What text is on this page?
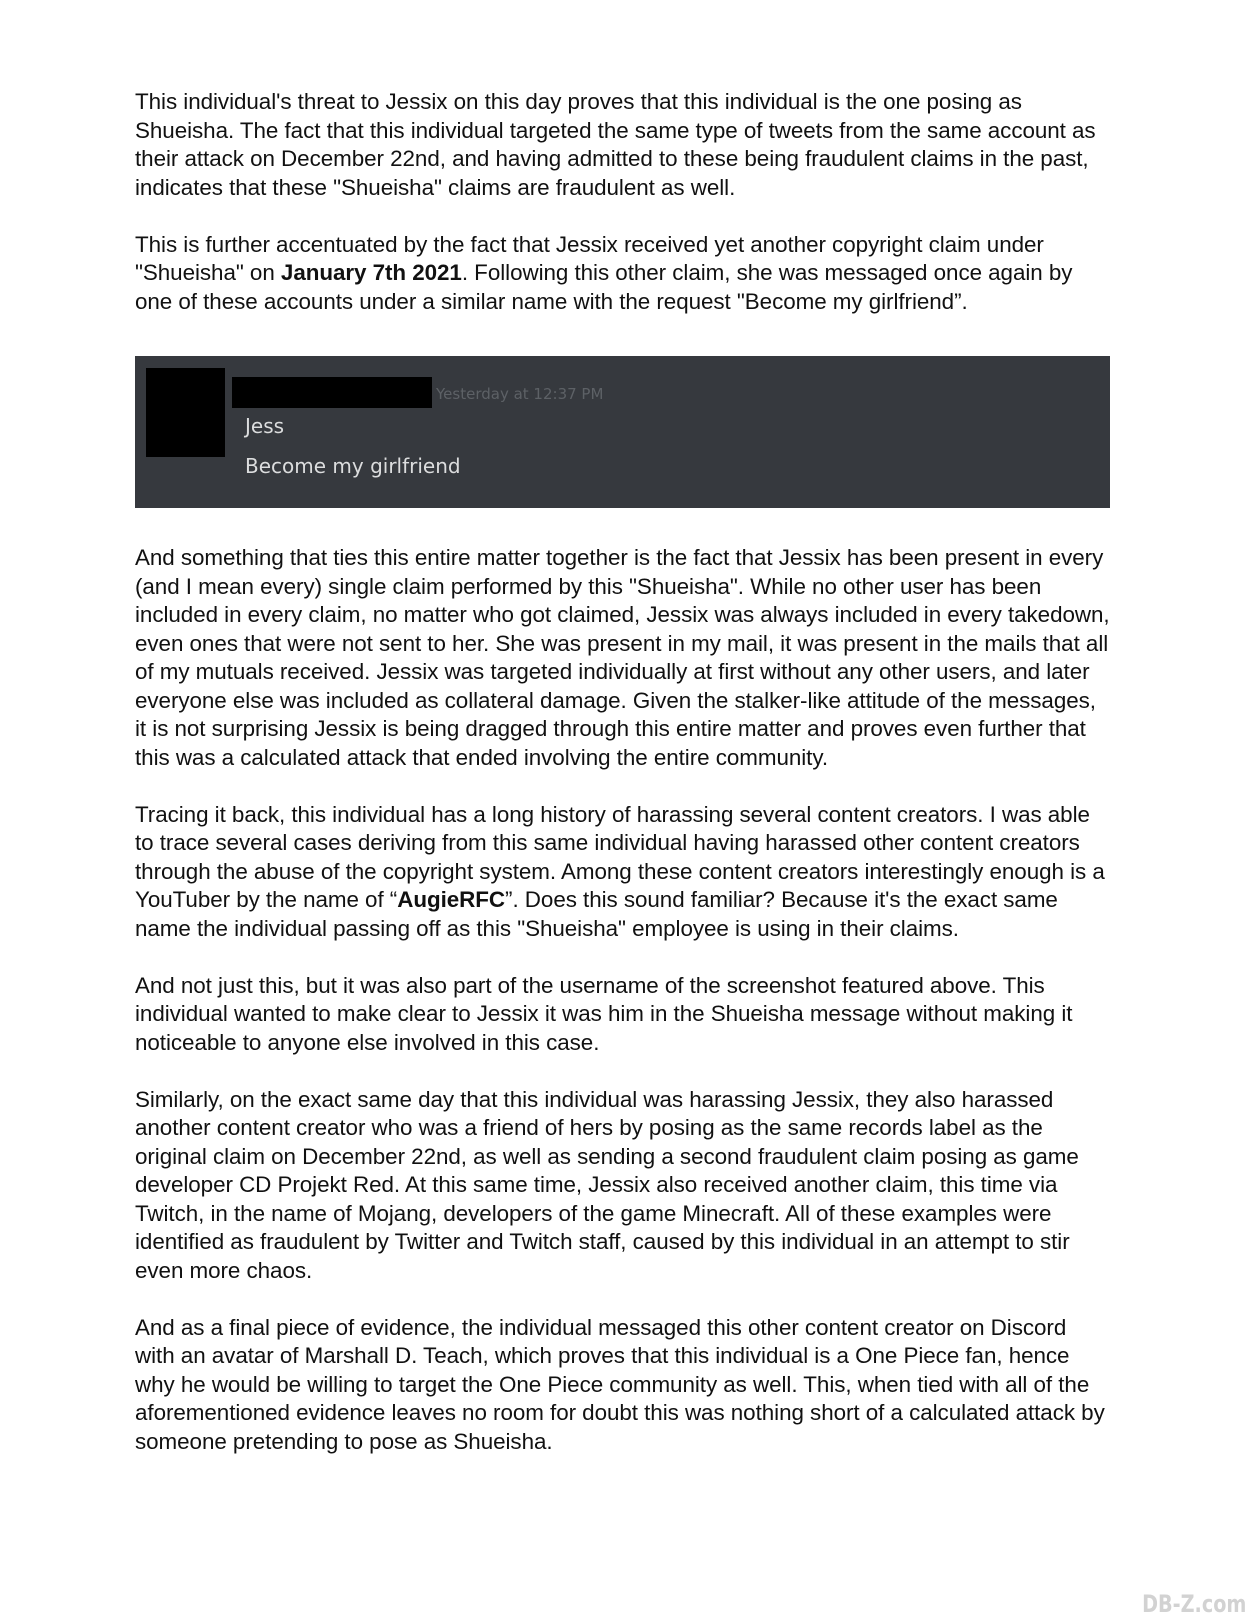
This individual's threat to Jessix on this day proves that this individual is the one posing as Shueisha. The fact that this individual targeted the same type of tweets from the same account as their attack on December 22nd, and having admitted to these being fraudulent claims in the past, indicates that these "Shueisha" claims are fraudulent as well.

This is further accentuated by the fact that Jessix received yet another copyright claim under "Shueisha" on January 7th 2021. Following this other claim, she was messaged once again by one of these accounts under a similar name with the request "Become my girlfriend”.

Yesterday at 12:37 PM
Jess
Become my girlfriend

And something that ties this entire matter together is the fact that Jessix has been present in every (and I mean every) single claim performed by this "Shueisha". While no other user has been included in every claim, no matter who got claimed, Jessix was always included in every takedown, even ones that were not sent to her. She was present in my mail, it was present in the mails that all of my mutuals received. Jessix was targeted individually at first without any other users, and later everyone else was included as collateral damage. Given the stalker-like attitude of the messages, it is not surprising Jessix is being dragged through this entire matter and proves even further that this was a calculated attack that ended involving the entire community.

Tracing it back, this individual has a long history of harassing several content creators. I was able to trace several cases deriving from this same individual having harassed other content creators through the abuse of the copyright system. Among these content creators interestingly enough is a YouTuber by the name of “AugieRFC”. Does this sound familiar? Because it's the exact same name the individual passing off as this "Shueisha" employee is using in their claims.

And not just this, but it was also part of the username of the screenshot featured above. This individual wanted to make clear to Jessix it was him in the Shueisha message without making it noticeable to anyone else involved in this case.

Similarly, on the exact same day that this individual was harassing Jessix, they also harassed another content creator who was a friend of hers by posing as the same records label as the original claim on December 22nd, as well as sending a second fraudulent claim posing as game developer CD Projekt Red. At this same time, Jessix also received another claim, this time via Twitch, in the name of Mojang, developers of the game Minecraft. All of these examples were identified as fraudulent by Twitter and Twitch staff, caused by this individual in an attempt to stir even more chaos.

And as a final piece of evidence, the individual messaged this other content creator on Discord with an avatar of Marshall D. Teach, which proves that this individual is a One Piece fan, hence why he would be willing to target the One Piece community as well. This, when tied with all of the aforementioned evidence leaves no room for doubt this was nothing short of a calculated attack by someone pretending to pose as Shueisha.

DB-Z.com
